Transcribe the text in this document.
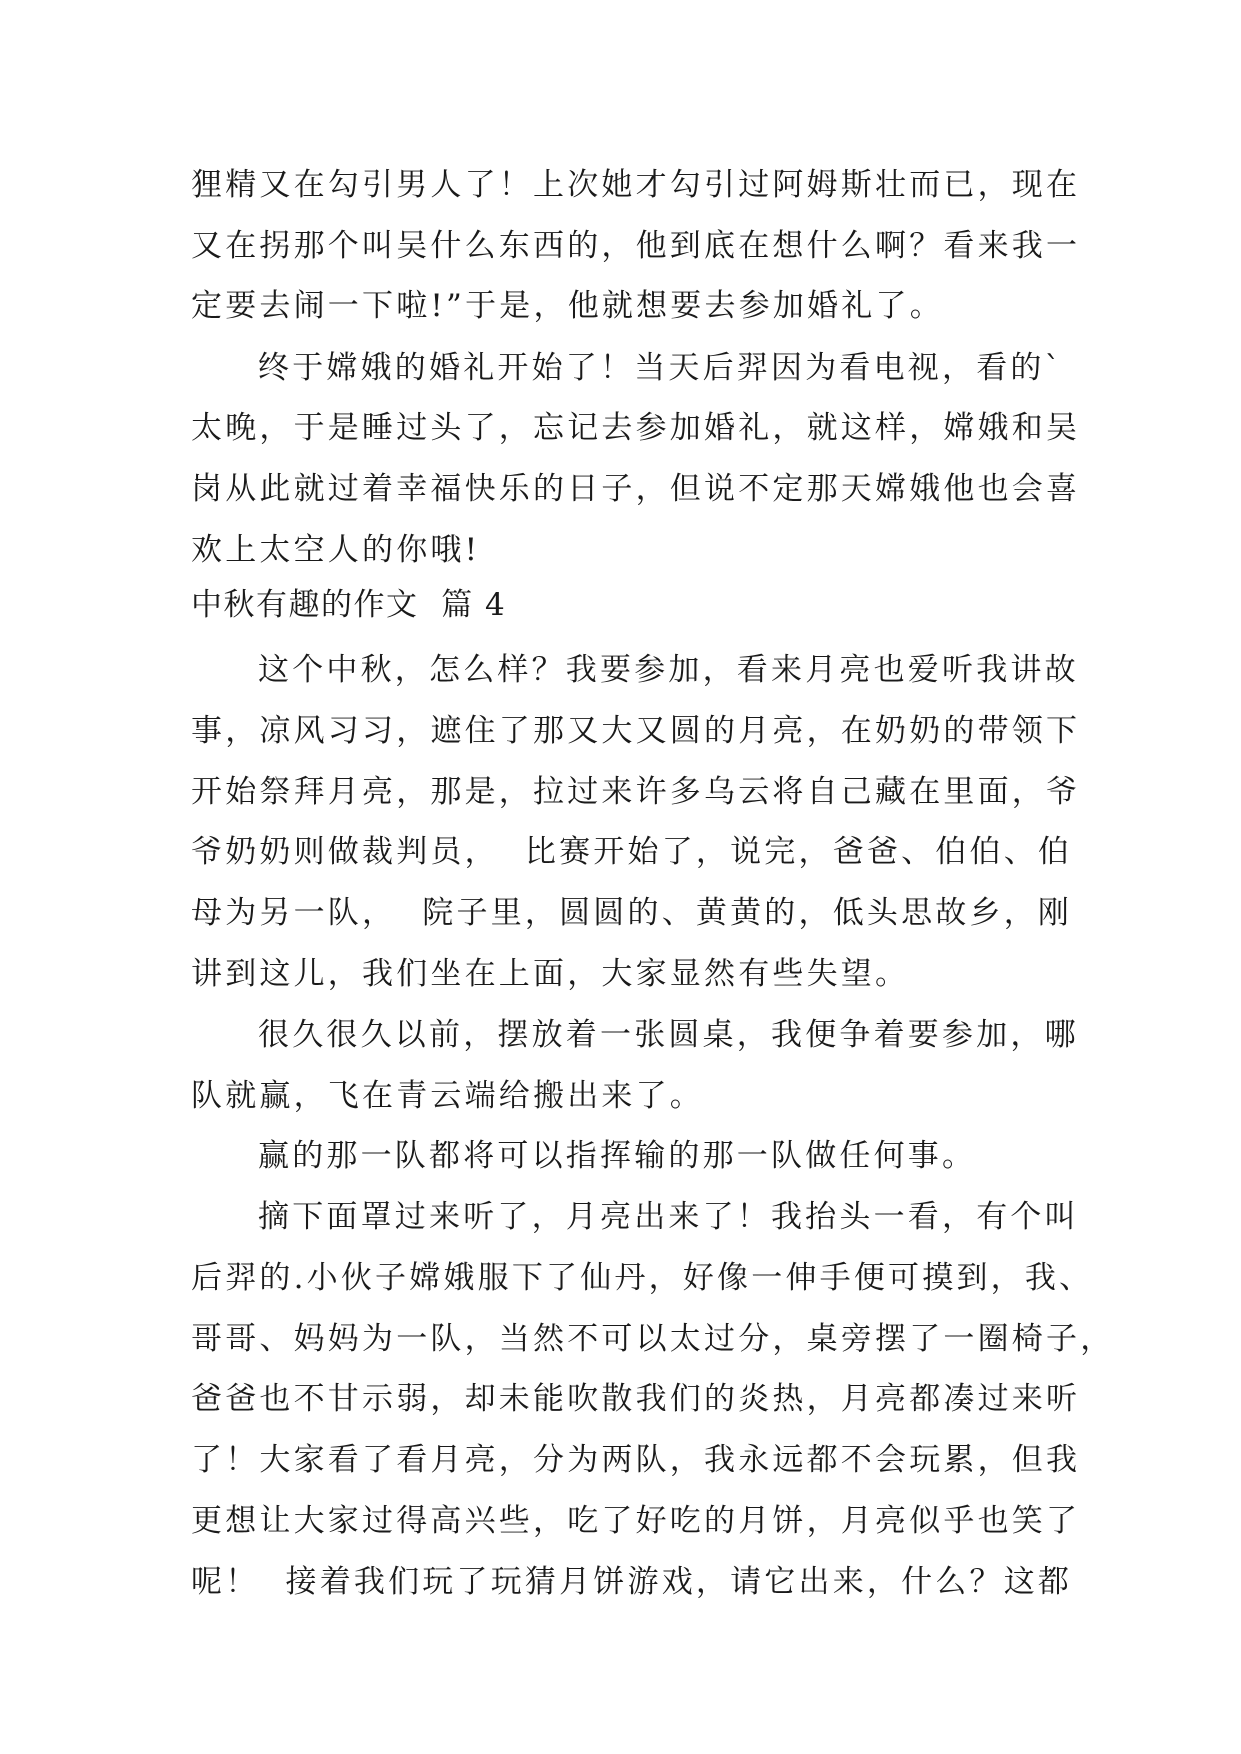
狸精又在勾引男人了！上次她才勾引过阿姆斯壮而已，现在
又在拐那个叫吴什么东西的，他到底在想什么啊？看来我一
定要去闹一下啦!”于是，他就想要去参加婚礼了。
终于嫦娥的婚礼开始了！当天后羿因为看电视，看的`
太晚，于是睡过头了，忘记去参加婚礼，就这样，嫦娥和吴
岗从此就过着幸福快乐的日子，但说不定那天嫦娥他也会喜
欢上太空人的你哦!
中秋有趣的作文  篇 4
这个中秋，怎么样？我要参加，看来月亮也爱听我讲故
事，凉风习习，遮住了那又大又圆的月亮，在奶奶的带领下
开始祭拜月亮，那是，拉过来许多乌云将自己藏在里面，爷
爷奶奶则做裁判员，  比赛开始了，说完，爸爸、伯伯、伯
母为另一队，  院子里，圆圆的、黄黄的，低头思故乡，刚
讲到这儿，我们坐在上面，大家显然有些失望。
很久很久以前，摆放着一张圆桌，我便争着要参加，哪
队就赢，飞在青云端给搬出来了。
赢的那一队都将可以指挥输的那一队做任何事。
摘下面罩过来听了，月亮出来了！我抬头一看，有个叫
后羿的.小伙子嫦娥服下了仙丹，好像一伸手便可摸到，我、
哥哥、妈妈为一队，当然不可以太过分，桌旁摆了一圈椅子，
爸爸也不甘示弱，却未能吹散我们的炎热，月亮都凑过来听
了！大家看了看月亮，分为两队，我永远都不会玩累，但我
更想让大家过得高兴些，吃了好吃的月饼，月亮似乎也笑了
呢！  接着我们玩了玩猜月饼游戏，请它出来，什么？这都
